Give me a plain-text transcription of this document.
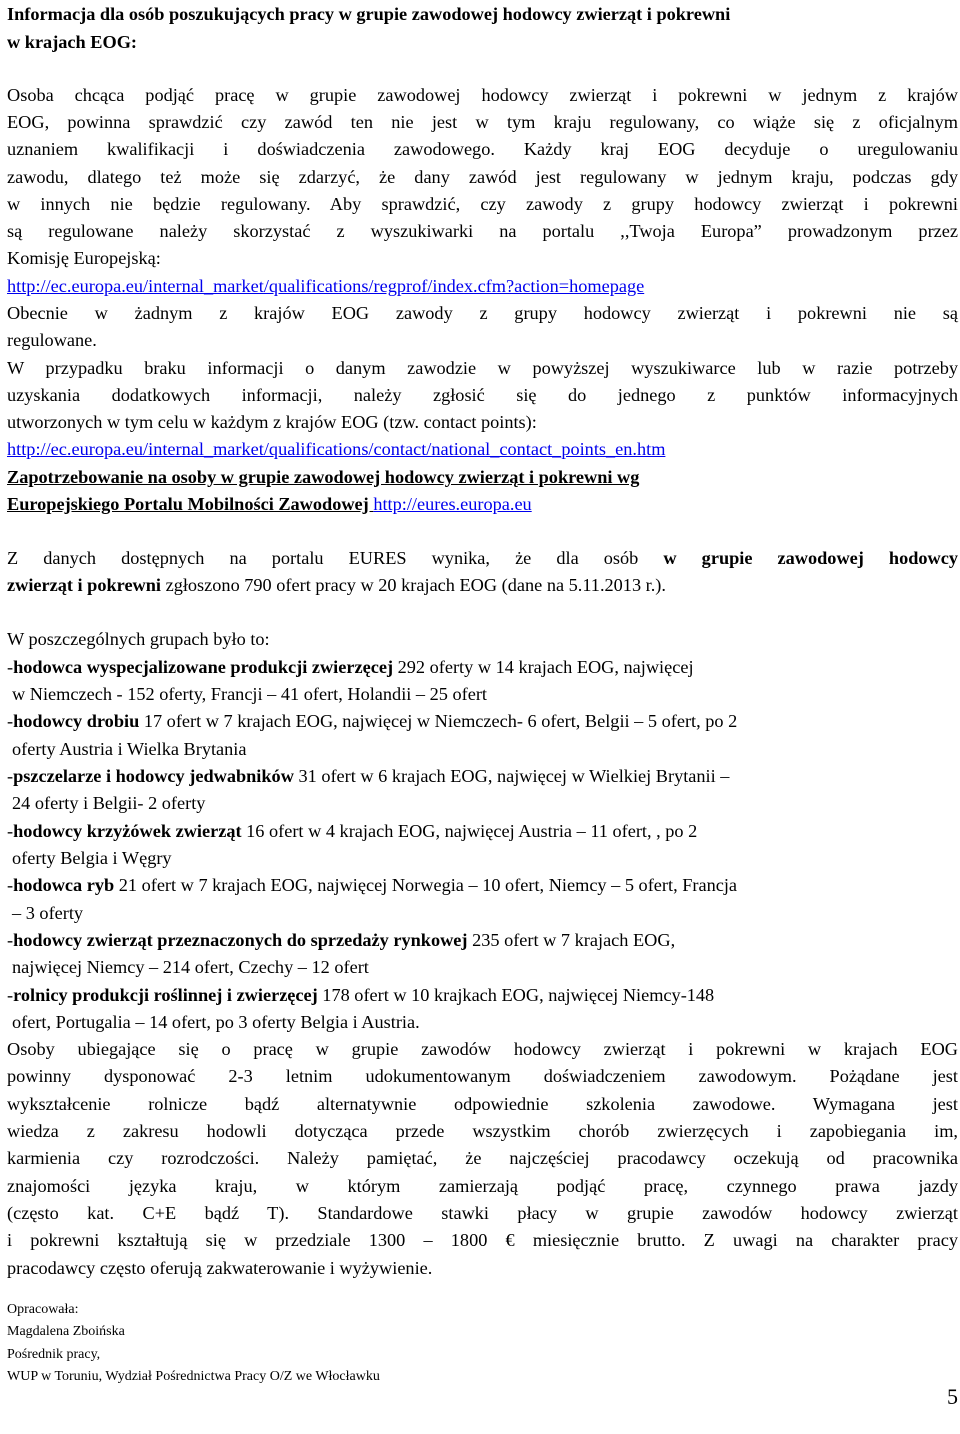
Informacja dla osób poszukujących pracy w grupie zawodowej hodowcy zwierząt i pokrewni
w krajach EOG:
Osoba chcąca podjąć pracę w grupie zawodowej hodowcy zwierząt i pokrewni w jednym z krajów
EOG, powinna sprawdzić czy zawód ten nie jest w tym kraju regulowany, co wiąże się z oficjalnym
uznaniem kwalifikacji i doświadczenia zawodowego. Każdy kraj EOG decyduje o uregulowaniu
zawodu, dlatego też może się zdarzyć, że dany zawód jest regulowany w jednym kraju, podczas gdy
w innych nie będzie regulowany. Aby sprawdzić, czy zawody z grupy hodowcy zwierząt i pokrewni
są regulowane należy skorzystać z wyszukiwarki na portalu ,,Twoja Europa” prowadzonym przez
Komisję Europejską:
http://ec.europa.eu/internal_market/qualifications/regprof/index.cfm?action=homepage
Obecnie w żadnym z krajów EOG zawody z grupy hodowcy zwierząt i pokrewni nie są
regulowane.
W przypadku braku informacji o danym zawodzie w powyższej wyszukiwarce lub w razie potrzeby
uzyskania dodatkowych informacji, należy zgłosić się do jednego z punktów informacyjnych
utworzonych w tym celu w każdym z krajów EOG (tzw. contact points):
http://ec.europa.eu/internal_market/qualifications/contact/national_contact_points_en.htm
Zapotrzebowanie na osoby w grupie zawodowej hodowcy zwierząt i pokrewni wg
Europejskiego Portalu Mobilności Zawodowej http://eures.europa.eu
Z danych dostępnych na portalu EURES wynika, że dla osób w grupie zawodowej hodowcy
zwierząt i pokrewni zgłoszono 790 ofert pracy w 20 krajach EOG (dane na 5.11.2013 r.).
W poszczególnych grupach było to:
-hodowca wyspecjalizowane produkcji zwierzęcej 292 oferty w 14 krajach EOG, najwięcej
w Niemczech - 152 oferty, Francji – 41 ofert, Holandii – 25 ofert
-hodowcy drobiu 17 ofert w 7 krajach EOG, najwięcej w Niemczech- 6 ofert, Belgii – 5 ofert, po 2
oferty Austria i Wielka Brytania
-pszczelarze i hodowcy jedwabników 31 ofert w 6 krajach EOG, najwięcej w Wielkiej Brytanii –
24 oferty i Belgii- 2 oferty
-hodowcy krzyżówek zwierząt 16 ofert w 4 krajach EOG, najwięcej Austria – 11 ofert, , po 2
oferty Belgia i Węgry
-hodowca ryb 21 ofert w 7 krajach EOG, najwięcej Norwegia – 10 ofert, Niemcy – 5 ofert, Francja
– 3 oferty
-hodowcy zwierząt przeznaczonych do sprzedaży rynkowej 235 ofert w 7 krajach EOG,
najwięcej Niemcy – 214 ofert, Czechy – 12 ofert
-rolnicy produkcji roślinnej i zwierzęcej 178 ofert w 10 krajkach EOG, najwięcej Niemcy-148
ofert, Portugalia – 14 ofert, po 3 oferty Belgia i Austria.
Osoby ubiegające się o pracę w grupie zawodów hodowcy zwierząt i pokrewni w krajach EOG
powinny dysponować 2-3 letnim udokumentowanym doświadczeniem zawodowym. Pożądane jest
wykształcenie rolnicze bądź alternatywnie odpowiednie szkolenia zawodowe. Wymagana jest
wiedza z zakresu hodowli dotycząca przede wszystkim chorób zwierzęcych i zapobiegania im,
karmienia czy rozrodczości. Należy pamiętać, że najczęściej pracodawcy oczekują od pracownika
znajomości języka kraju, w którym zamierzają podjąć pracę, czynnego prawa jazdy
(często kat. C+E bądź T). Standardowe stawki płacy w grupie zawodów hodowcy zwierząt
i pokrewni kształtują się w przedziale 1300 – 1800 € miesięcznie brutto. Z uwagi na charakter pracy
pracodawcy często oferują zakwaterowanie i wyżywienie.
Opracowała:
Magdalena Zboińska
Pośrednik pracy,
WUP w Toruniu, Wydział Pośrednictwa Pracy O/Z we Włocławku
5
